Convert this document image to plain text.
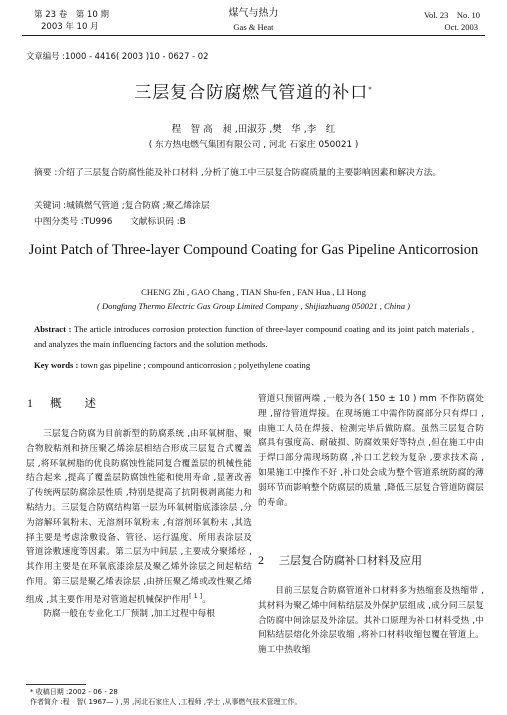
第 23 卷　第 10 期
2003 年 10 月
煤气与热力
Gas & Heat
Vol. 23　No. 10
Oct. 2003
文章编号 :1000 - 4416( 2003 )10 - 0627 - 02
三层复合防腐燃气管道的补口*
程　智 高　昶 ,田淑芬 ,樊　华 ,李　红
( 东方热电燃气集团有限公司 , 河北 石家庄 050021 )
摘要 :介绍了三层复合防腐性能及补口材料 ,分析了施工中三层复合防腐质量的主要影响因素和解决方法。
关键词 :城镇燃气管道 ;复合防腐 ;聚乙烯涂层
中图分类号 :TU996　　文献标识码 :B
Joint Patch of Three-layer Compound Coating for Gas Pipeline Anticorrosion
CHENG Zhi , GAO Chang , TIAN Shu-fen , FAN Hua , LI Hong
( Dongfang Thermo Electric Gas Group Limited Company , Shijiazhuang 050021 , China )
Abstract : The article introduces corrosion protection function of three-layer compound coating and its joint patch materials , and analyzes the main influencing factors and the solution methods.
Key words : town gas pipeline ; compound anticorrosion ; polyethylene coating
1 概　　述

三层复合防腐为目前新型的防腐系统 ,由环氧树脂、聚合物胶粘剂和挤压聚乙烯涂层相结合形成三层复合式覆盖层 ,将环氧树脂的优良防腐蚀性能同复合覆盖层的机械性能结合起来 ,提高了覆盖层防腐蚀性能和使用寿命 ,显著改善了传统两层防腐涂层性质 ,特别是提高了抗阴极剥离能力和粘结力。三层复合防腐结构第一层为环氧树脂底漆涂层 ,分为溶解环氧粉末、无溶剂环氧粉末 ,有溶剂环氧粉末 ,其选择主要是考虑涂敷设备、管径、运行温度、所用表涂层及管道涂敷速度等因素。第二层为中间层 ,主要成分聚烯烃 ,其作用主要是在环氧底漆涂层及聚乙烯外涂层之间起粘结作用。第三层是聚乙烯表涂层 ,由挤压聚乙烯或改性聚乙烯组成 ,其主要作用是对管道起机械保护作用[ 1 ]。

防腐一般在专业化工厂预制 ,加工过程中每根

管道只预留两端 ,一般为各( 150 ± 10 ) mm 不作防腐处理 ,留待管道焊接。在现场施工中需作防腐部分只有焊口 ,由施工人员在焊接、检测完毕后做防腐。虽然三层复合防腐具有强度高、耐破损、防腐效果好等特点 ,但在施工中由于焊口部分需现场防腐 ,补口工艺较为复杂 ,要求技术高 ,如果施工中操作不好 ,补口处会成为整个管道系统防腐的薄弱环节而影响整个防腐层的质量 ,降低三层复合管道防腐层的寿命。

2 三层复合防腐补口材料及应用

目前三层复合防腐管道补口材料多为热缩套及热缩带 ,其材料为聚乙烯中间粘结层及外保护层组成 ,成分同三层复合防腐中间涂层及外涂层。其补口原理为补口材料受热 ,中间粘结层熔化外涂层收缩 ,将补口材料收缩包覆在管道上。施工中热收缩

* 收稿日期 :2002 - 06 - 28
作者简介 :程　智( 1967— ) ,男 ,河北石家庄人 ,工程师 ,学士 ,从事燃气技术管理工作。
